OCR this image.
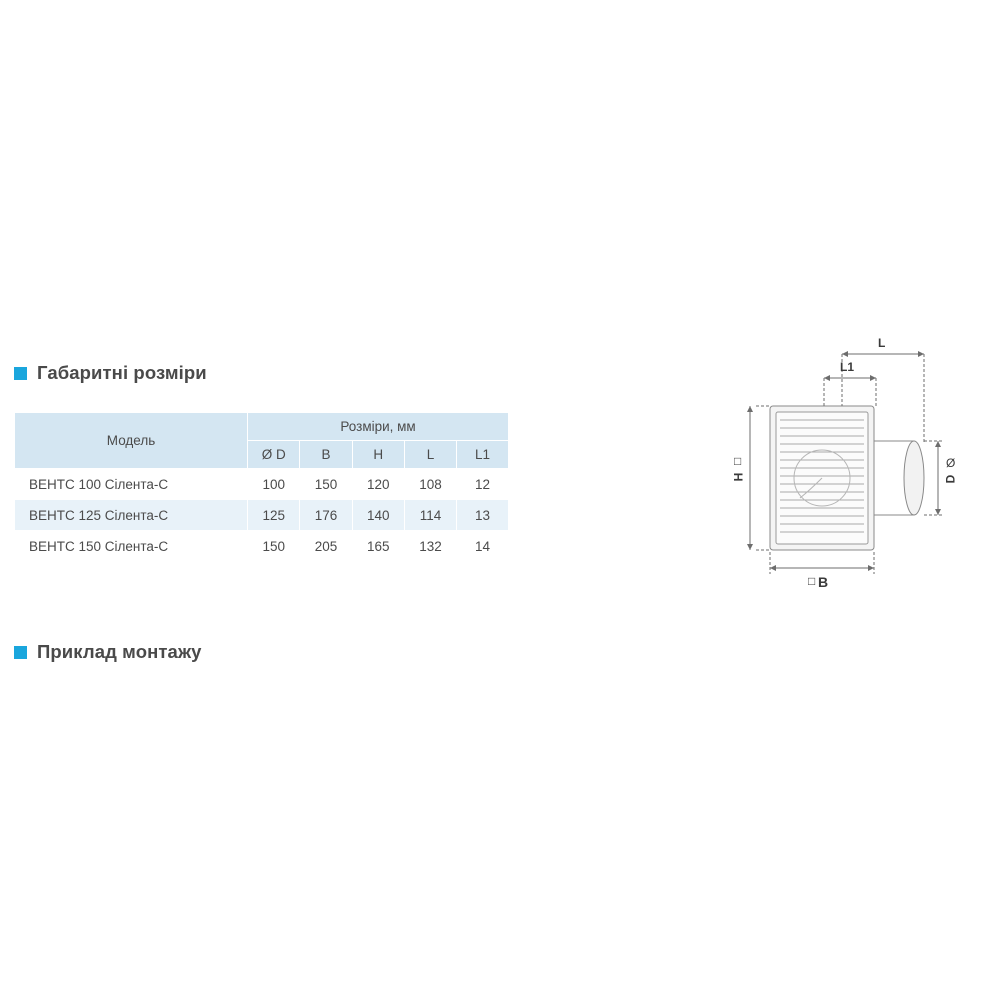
Габаритні розміри
Модель	Розміри, мм				
	Ø D	B	H	L	L1
ВЕНТС 100 Сілента-С	100	150	120	108	12
ВЕНТС 125 Сілента-С	125	176	140	114	13
ВЕНТС 150 Сілента-С	150	205	165	132	14
Приклад монтажу
L
L1
H	D
B
□	Ø
□
